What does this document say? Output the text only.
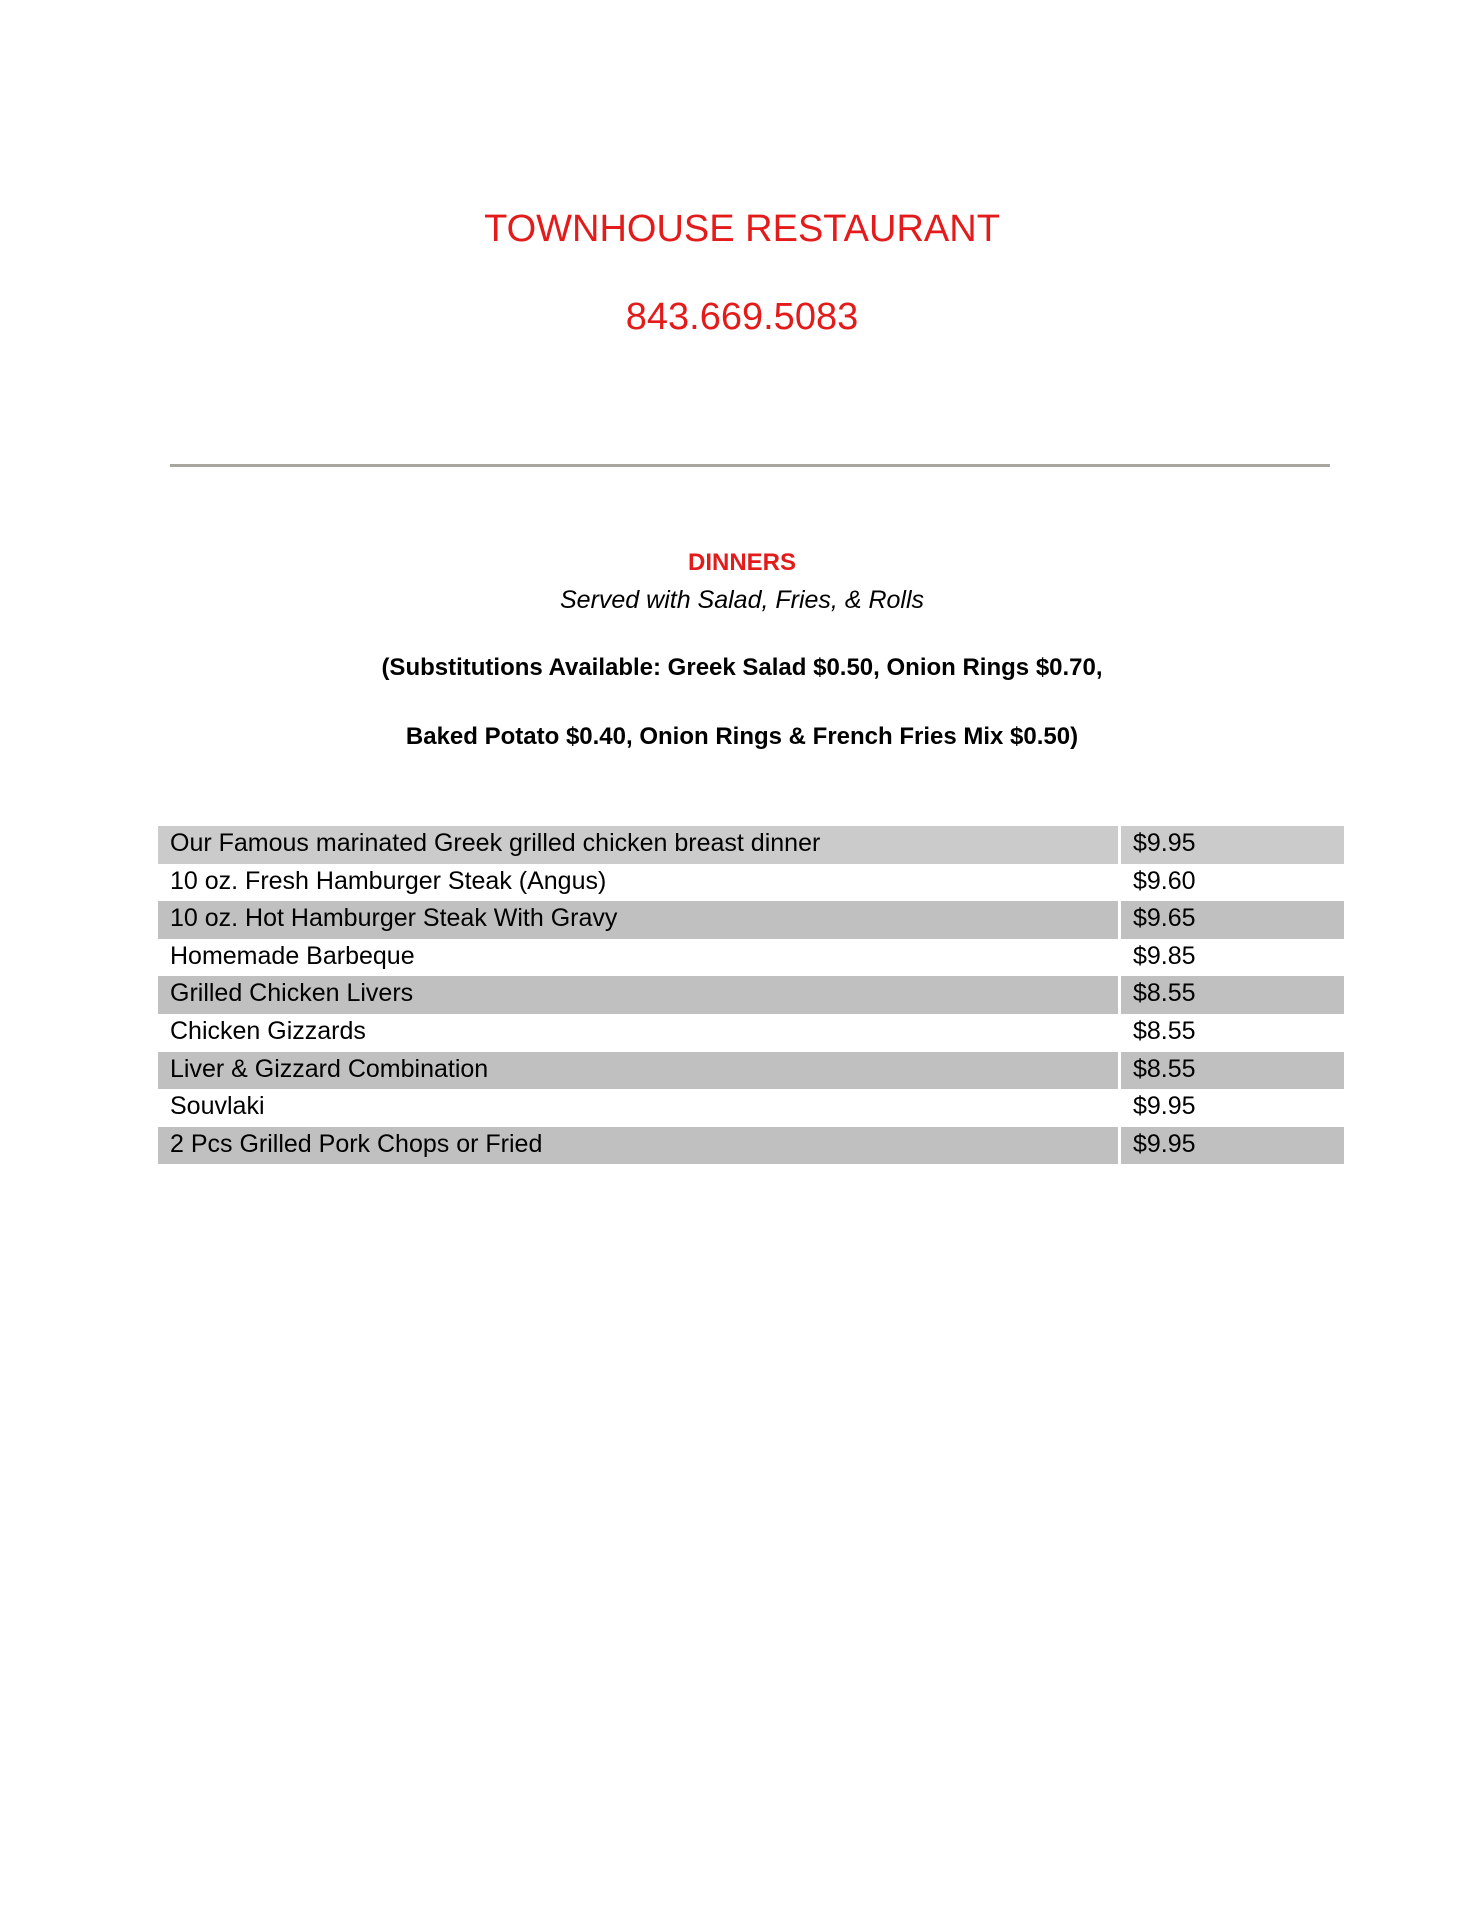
TOWNHOUSE RESTAURANT
843.669.5083
DINNERS
Served with Salad, Fries, & Rolls
(Substitutions Available: Greek Salad $0.50, Onion Rings $0.70,
Baked Potato $0.40, Onion Rings & French Fries Mix $0.50)
Our Famous marinated Greek grilled chicken breast dinner	$9.95
10 oz. Fresh Hamburger Steak (Angus)	$9.60
10 oz. Hot Hamburger Steak With Gravy	$9.65
Homemade Barbeque	$9.85
Grilled Chicken Livers	$8.55
Chicken Gizzards	$8.55
Liver & Gizzard Combination	$8.55
Souvlaki	$9.95
2 Pcs Grilled Pork Chops or Fried	$9.95
